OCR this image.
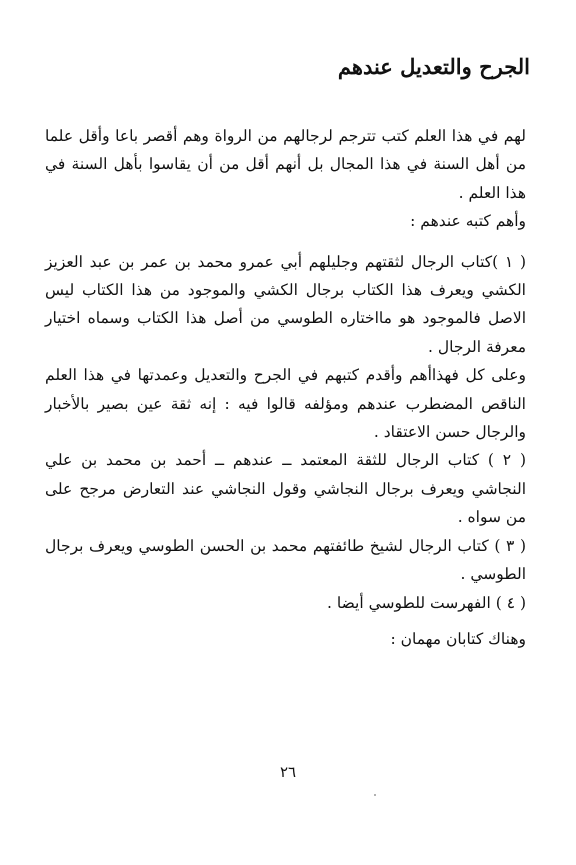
الجرح والتعديل عندهم

لهم في هذا العلم كتب تترجم لرجالهم من الرواة وهم أقصر باعا وأقل علما من أهل السنة في هذا المجال بل أنهم أقل من أن يقاسوا بأهل السنة في هذا العلم .

وأهم كتبه عندهم :

( ١ )كتاب الرجال لثقتهم وجليلهم أبي عمرو محمد بن عمر بن عبد العزيز الكشي ويعرف هذا الكتاب برجال الكشي والموجود من هذا الكتاب ليس الاصل فالموجود هو مااختاره الطوسي من أصل هذا الكتاب وسماه اختيار معرفة الرجال .

وعلى كل فهذاأهم وأقدم كتبهم في الجرح والتعديل وعمدتها في هذا العلم الناقص المضطرب عندهم ومؤلفه قالوا فيه : إنه ثقة عين بصير بالأخبار والرجال حسن الاعتقاد .

( ٢ ) كتاب الرجال للثقة المعتمد ــ عندهم ــ أحمد بن محمد بن علي النجاشي ويعرف برجال النجاشي وقول النجاشي عند التعارض مرجح على من سواه .

( ٣ ) كتاب الرجال لشيخ طائفتهم محمد بن الحسن الطوسي ويعرف برجال الطوسي .

( ٤ ) الفهرست للطوسي أيضا .

وهناك كتابان مهمان :

٢٦
